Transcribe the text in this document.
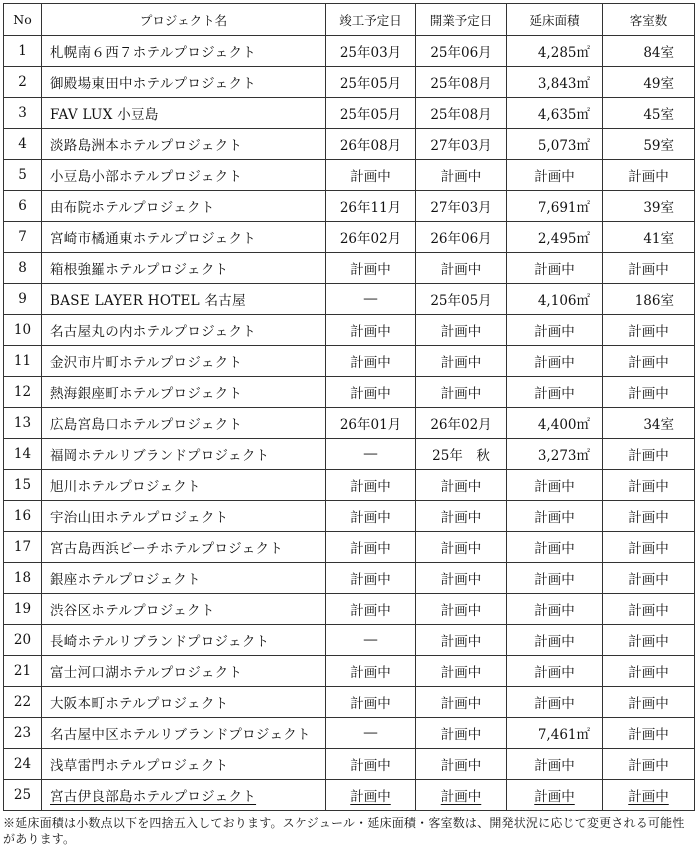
No	プロジェクト名	竣工予定日	開業予定日	延床面積	客室数
1	札幌南６西７ホテルプロジェクト	25年03月	25年06月	4,285㎡	84室
2	御殿場東田中ホテルプロジェクト	25年05月	25年08月	3,843㎡	49室
3	FAV LUX 小豆島	25年05月	25年08月	4,635㎡	45室
4	淡路島洲本ホテルプロジェクト	26年08月	27年03月	5,073㎡	59室
5	小豆島小部ホテルプロジェクト	計画中	計画中	計画中	計画中
6	由布院ホテルプロジェクト	26年11月	27年03月	7,691㎡	39室
7	宮崎市橘通東ホテルプロジェクト	26年02月	26年06月	2,495㎡	41室
8	箱根強羅ホテルプロジェクト	計画中	計画中	計画中	計画中
9	BASE LAYER HOTEL 名古屋	―	25年05月	4,106㎡	186室
10	名古屋丸の内ホテルプロジェクト	計画中	計画中	計画中	計画中
11	金沢市片町ホテルプロジェクト	計画中	計画中	計画中	計画中
12	熱海銀座町ホテルプロジェクト	計画中	計画中	計画中	計画中
13	広島宮島口ホテルプロジェクト	26年01月	26年02月	4,400㎡	34室
14	福岡ホテルリブランドプロジェクト	―	25年　秋	3,273㎡	計画中
15	旭川ホテルプロジェクト	計画中	計画中	計画中	計画中
16	宇治山田ホテルプロジェクト	計画中	計画中	計画中	計画中
17	宮古島西浜ビーチホテルプロジェクト	計画中	計画中	計画中	計画中
18	銀座ホテルプロジェクト	計画中	計画中	計画中	計画中
19	渋谷区ホテルプロジェクト	計画中	計画中	計画中	計画中
20	長崎ホテルリブランドプロジェクト	―	計画中	計画中	計画中
21	富士河口湖ホテルプロジェクト	計画中	計画中	計画中	計画中
22	大阪本町ホテルプロジェクト	計画中	計画中	計画中	計画中
23	名古屋中区ホテルリブランドプロジェクト	―	計画中	7,461㎡	計画中
24	浅草雷門ホテルプロジェクト	計画中	計画中	計画中	計画中
25	宮古伊良部島ホテルプロジェクト	計画中	計画中	計画中	計画中
※延床面積は小数点以下を四捨五入しております。スケジュール・延床面積・客室数は、開発状況に応じて変更される可能性があります。
